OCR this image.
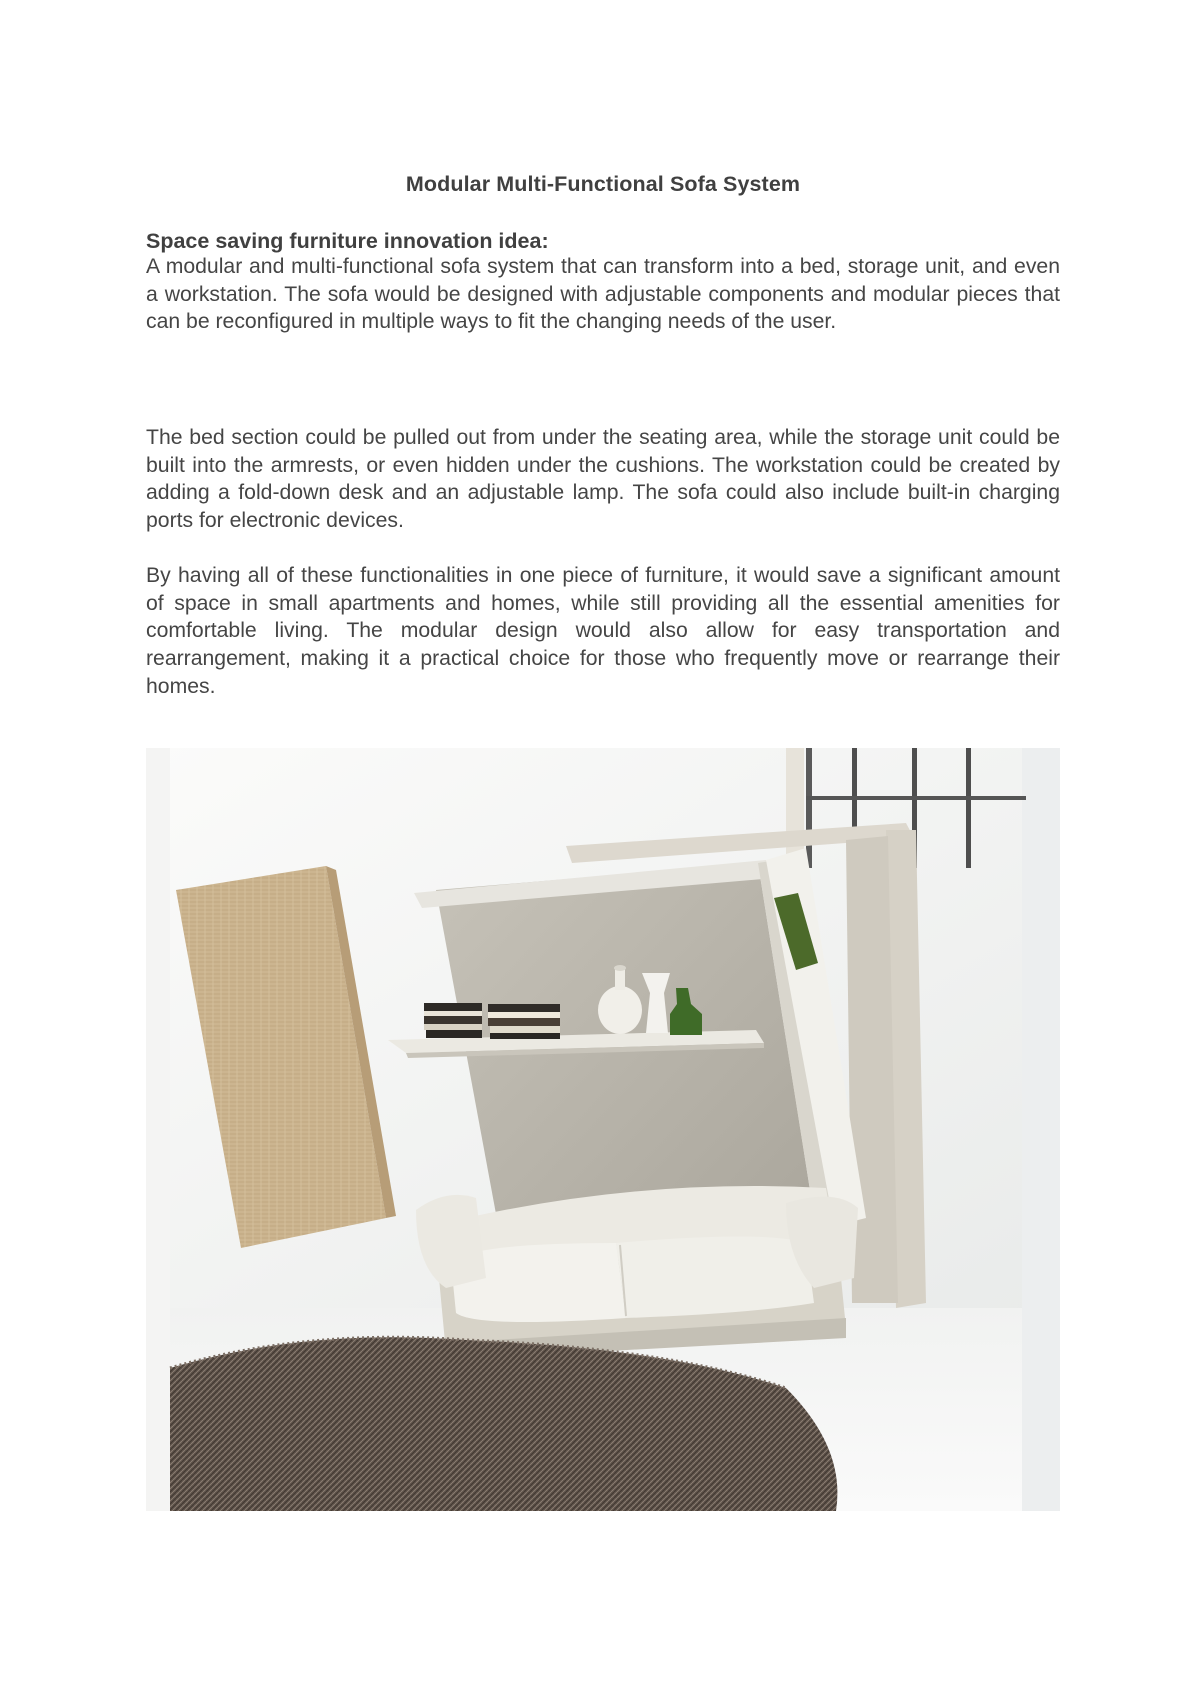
Modular Multi-Functional Sofa System
Space saving furniture innovation idea:

A modular and multi-functional sofa system that can transform into a bed, storage unit, and even a workstation. The sofa would be designed with adjustable components and modular pieces that can be reconfigured in multiple ways to fit the changing needs of the user.

The bed section could be pulled out from under the seating area, while the storage unit could be built into the armrests, or even hidden under the cushions. The workstation could be created by adding a fold-down desk and an adjustable lamp. The sofa could also include built-in charging ports for electronic devices.

By having all of these functionalities in one piece of furniture, it would save a significant amount of space in small apartments and homes, while still providing all the essential amenities for comfortable living. The modular design would also allow for easy transportation and rearrangement, making it a practical choice for those who frequently move or rearrange their homes.
